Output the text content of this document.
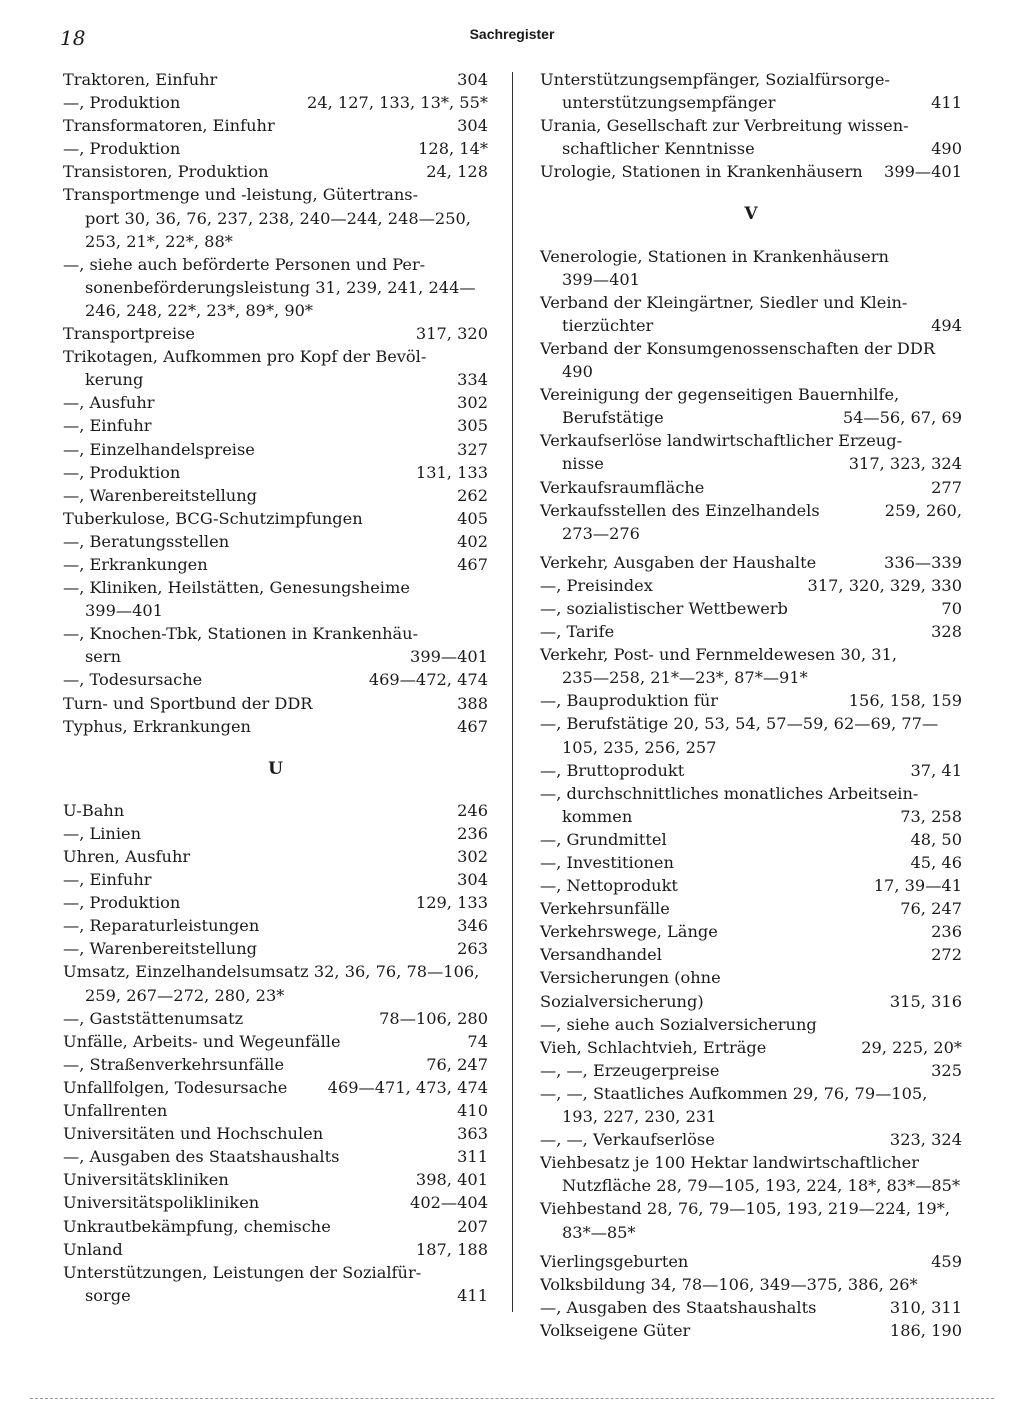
18	Sachregister
Traktoren, Einfuhr	304
—, Produktion	24, 127, 133, 13*, 55*
Transformatoren, Einfuhr	304
—, Produktion	128, 14*
Transistoren, Produktion	24, 128
Transportmenge und -leistung, Gütertrans-
port 30, 36, 76, 237, 238, 240—244, 248—250,
253, 21*, 22*, 88*
—, siehe auch beförderte Personen und Per-
sonenbeförderungsleistung 31, 239, 241, 244—
246, 248, 22*, 23*, 89*, 90*
Transportpreise	317, 320
Trikotagen, Aufkommen pro Kopf der Bevöl-
kerung	334
—, Ausfuhr	302
—, Einfuhr	305
—, Einzelhandelspreise	327
—, Produktion	131, 133
—, Warenbereitstellung	262
Tuberkulose, BCG-Schutzimpfungen	405
—, Beratungsstellen	402
—, Erkrankungen	467
—, Kliniken, Heilstätten, Genesungsheime
399—401
—, Knochen-Tbk, Stationen in Krankenhäu-
sern	399—401
—, Todesursache	469—472, 474
Turn- und Sportbund der DDR	388
Typhus, Erkrankungen	467
U
U-Bahn	246
—, Linien	236
Uhren, Ausfuhr	302
—, Einfuhr	304
—, Produktion	129, 133
—, Reparaturleistungen	346
—, Warenbereitstellung	263
Umsatz, Einzelhandelsumsatz 32, 36, 76, 78—106,
259, 267—272, 280, 23*
—, Gaststättenumsatz	78—106, 280
Unfälle, Arbeits- und Wegeunfälle	74
—, Straßenverkehrsunfälle	76, 247
Unfallfolgen, Todesursache	469—471, 473, 474
Unfallrenten	410
Universitäten und Hochschulen	363
—, Ausgaben des Staatshaushalts	311
Universitätskliniken	398, 401
Universitätspolikliniken	402—404
Unkrautbekämpfung, chemische	207
Unland	187, 188
Unterstützungen, Leistungen der Sozialfür-
sorge	411
Unterstützungsempfänger, Sozialfürsorge-
unterstützungsempfänger	411
Urania, Gesellschaft zur Verbreitung wissen-
schaftlicher Kenntnisse	490
Urologie, Stationen in Krankenhäusern	399—401
V
Venerologie, Stationen in Krankenhäusern
399—401
Verband der Kleingärtner, Siedler und Klein-
tierzüchter	494
Verband der Konsumgenossenschaften der DDR
490
Vereinigung der gegenseitigen Bauernhilfe,
Berufstätige	54—56, 67, 69
Verkaufserlöse landwirtschaftlicher Erzeug-
nisse	317, 323, 324
Verkaufsraumfläche	277
Verkaufsstellen des Einzelhandels	259, 260,
273—276
Verkehr, Ausgaben der Haushalte	336—339
—, Preisindex	317, 320, 329, 330
—, sozialistischer Wettbewerb	70
—, Tarife	328
Verkehr, Post- und Fernmeldewesen 30, 31,
235—258, 21*—23*, 87*—91*
—, Bauproduktion für	156, 158, 159
—, Berufstätige 20, 53, 54, 57—59, 62—69, 77—
105, 235, 256, 257
—, Bruttoprodukt	37, 41
—, durchschnittliches monatliches Arbeitsein-
kommen	73, 258
—, Grundmittel	48, 50
—, Investitionen	45, 46
—, Nettoprodukt	17, 39—41
Verkehrsunfälle	76, 247
Verkehrswege, Länge	236
Versandhandel	272
Versicherungen (ohne Sozialversicherung)	315, 316
—, siehe auch Sozialversicherung
Vieh, Schlachtvieh, Erträge	29, 225, 20*
—, —, Erzeugerpreise	325
—, —, Staatliches Aufkommen 29, 76, 79—105,
193, 227, 230, 231
—, —, Verkaufserlöse	323, 324
Viehbesatz je 100 Hektar landwirtschaftlicher
Nutzfläche 28, 79—105, 193, 224, 18*, 83*—85*
Viehbestand 28, 76, 79—105, 193, 219—224, 19*,
83*—85*
Vierlingsgeburten	459
Volksbildung 34, 78—106, 349—375, 386, 26*
—, Ausgaben des Staatshaushalts	310, 311
Volkseigene Güter	186, 190
